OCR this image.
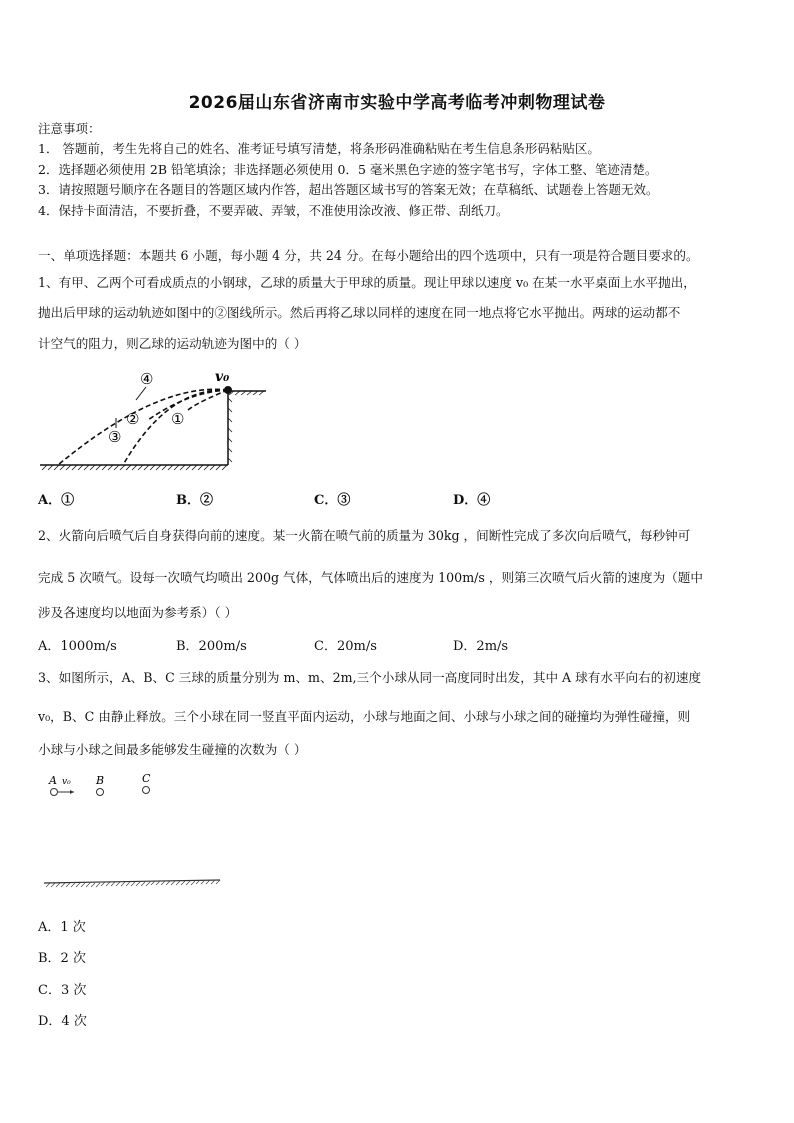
2026届山东省济南市实验中学高考临考冲刺物理试卷
注意事项：
1． 答题前，考生先将自己的姓名、准考证号填写清楚，将条形码准确粘贴在考生信息条形码粘贴区。
2．选择题必须使用 2B 铅笔填涂；非选择题必须使用 0．5 毫米黑色字迹的签字笔书写，字体工整、笔迹清楚。
3．请按照题号顺序在各题目的答题区域内作答，超出答题区域书写的答案无效；在草稿纸、试题卷上答题无效。
4．保持卡面清洁，不要折叠，不要弄破、弄皱，不准使用涂改液、修正带、刮纸刀。
一、单项选择题：本题共 6 小题，每小题 4 分，共 24 分。在每小题给出的四个选项中，只有一项是符合题目要求的。
1、有甲、乙两个可看成质点的小钢球，乙球的质量大于甲球的质量。现让甲球以速度 v₀ 在某一水平桌面上水平抛出，
抛出后甲球的运动轨迹如图中的②图线所示。然后再将乙球以同样的速度在同一地点将它水平抛出。两球的运动都不
计空气的阻力，则乙球的运动轨迹为图中的（ ）
v₀
④
② ①
③
A．①	B．②	C．③	D．④
2、火箭向后喷气后自身获得向前的速度。某一火箭在喷气前的质量为 30kg ，间断性完成了多次向后喷气，每秒钟可
完成 5 次喷气。设每一次喷气均喷出 200g 气体，气体喷出后的速度为 100m/s ，则第三次喷气后火箭的速度为（题中
涉及各速度均以地面为参考系）（ ）
A．1000m/s	B．200m/s	C．20m/s	D．2m/s
3、如图所示，A、B、C 三球的质量分别为 m、m、2m,三个小球从同一高度同时出发，其中 A 球有水平向右的初速度
v₀，B、C 由静止释放。三个小球在同一竖直平面内运动，小球与地面之间、小球与小球之间的碰撞均为弹性碰撞，则
小球与小球之间最多能够发生碰撞的次数为（ ）
A v₀ B	C
A．1 次
B．2 次
C．3 次
D．4 次
